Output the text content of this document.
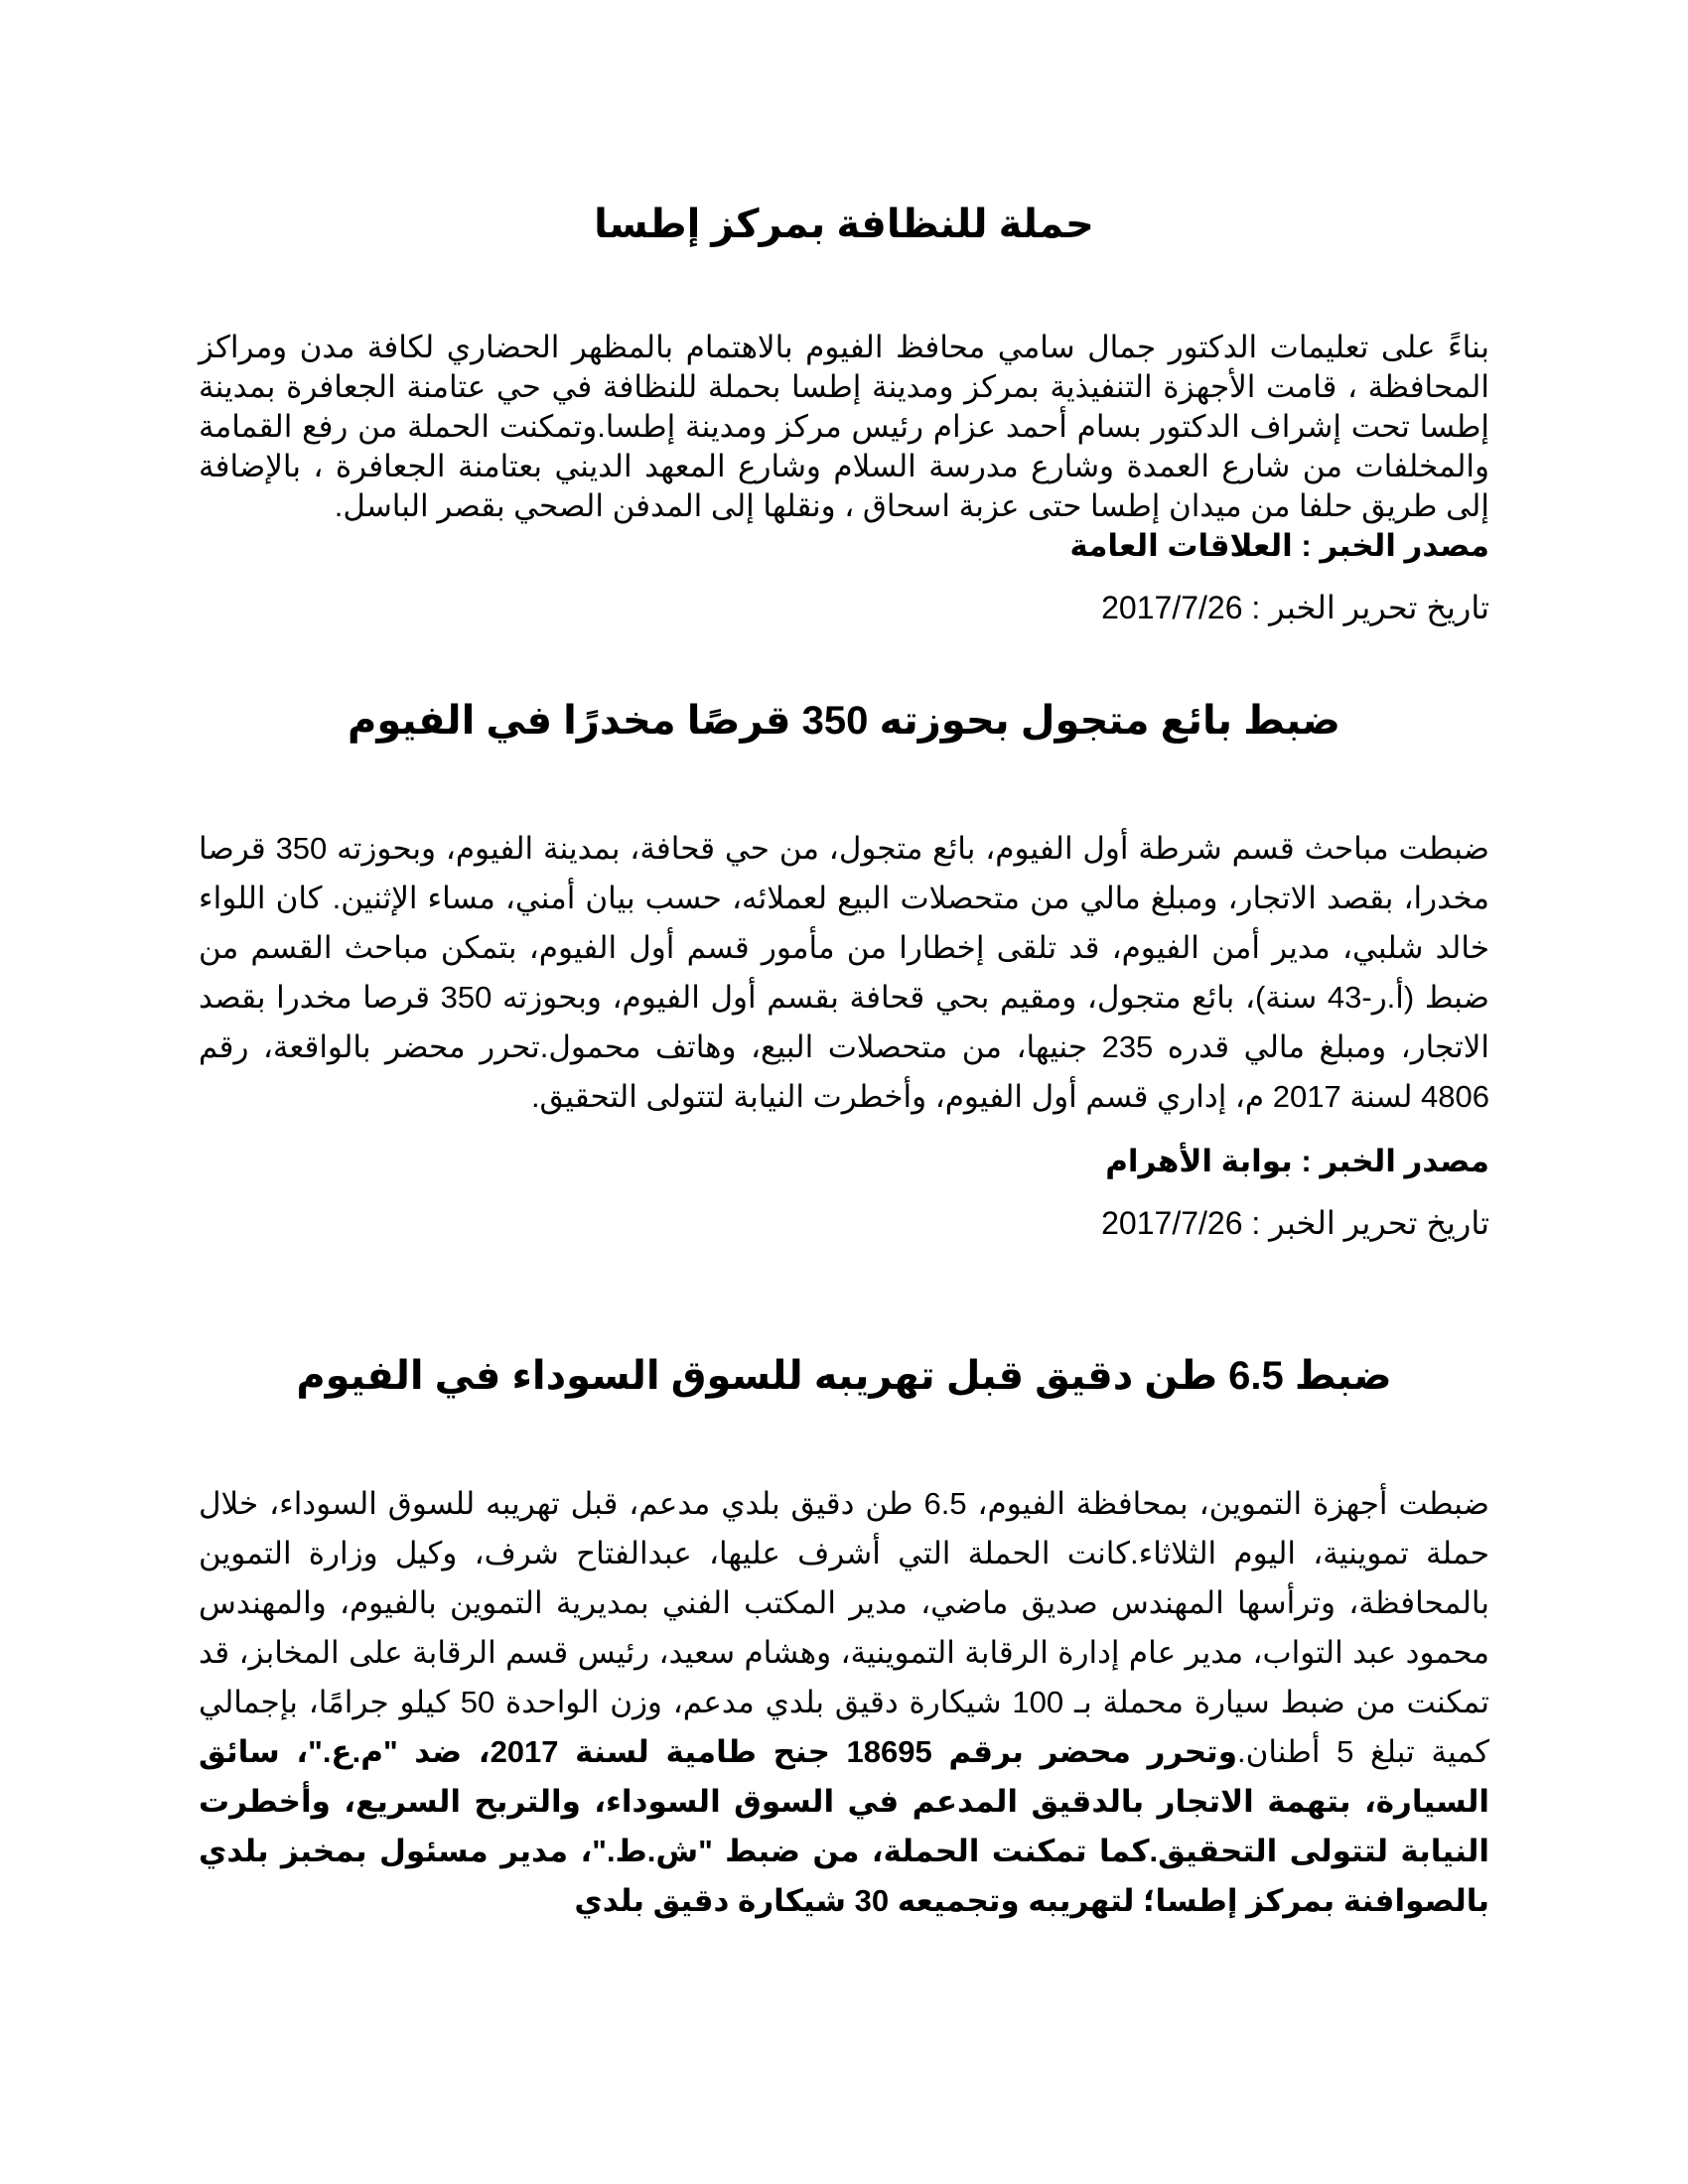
حملة للنظافة بمركز إطسا

بناءً على تعليمات الدكتور جمال سامي محافظ الفيوم بالاهتمام بالمظهر الحضاري لكافة مدن ومراكز المحافظة ، قامت الأجهزة التنفيذية بمركز ومدينة إطسا بحملة للنظافة في حي عتامنة الجعافرة بمدينة إطسا تحت إشراف الدكتور بسام أحمد عزام رئيس مركز ومدينة إطسا.وتمكنت الحملة من رفع القمامة والمخلفات من شارع العمدة وشارع مدرسة السلام وشارع المعهد الديني بعتامنة الجعافرة ، بالإضافة إلى طريق حلفا من ميدان إطسا حتى عزبة اسحاق ، ونقلها إلى المدفن الصحي بقصر الباسل.

مصدر الخبر : العلاقات العامة

تاريخ تحرير الخبر : 2017/7/26

ضبط بائع متجول بحوزته 350 قرصًا مخدرًا في الفيوم

ضبطت مباحث قسم شرطة أول الفيوم، بائع متجول، من حي قحافة، بمدينة الفيوم، وبحوزته 350 قرصا مخدرا، بقصد الاتجار، ومبلغ مالي من متحصلات البيع لعملائه، حسب بيان أمني، مساء الإثنين. كان اللواء خالد شلبي، مدير أمن الفيوم، قد تلقى إخطارا من مأمور قسم أول الفيوم، بتمكن مباحث القسم من ضبط (أ.ر-43 سنة)، بائع متجول، ومقيم بحي قحافة بقسم أول الفيوم، وبحوزته 350 قرصا مخدرا بقصد الاتجار، ومبلغ مالي قدره 235 جنيها، من متحصلات البيع، وهاتف محمول.تحرر محضر بالواقعة، رقم 4806 لسنة 2017 م، إداري قسم أول الفيوم، وأخطرت النيابة لتتولى التحقيق.

مصدر الخبر : بوابة الأهرام

تاريخ تحرير الخبر : 2017/7/26

ضبط 6.5 طن دقيق قبل تهريبه للسوق السوداء في الفيوم

ضبطت أجهزة التموين، بمحافظة الفيوم، 6.5 طن دقيق بلدي مدعم، قبل تهريبه للسوق السوداء، خلال حملة تموينية، اليوم الثلاثاء.كانت الحملة التي أشرف عليها، عبدالفتاح شرف، وكيل وزارة التموين بالمحافظة، وترأسها المهندس صديق ماضي، مدير المكتب الفني بمديرية التموين بالفيوم، والمهندس محمود عبد التواب، مدير عام إدارة الرقابة التموينية، وهشام سعيد، رئيس قسم الرقابة على المخابز، قد تمكنت من ضبط سيارة محملة بـ 100 شيكارة دقيق بلدي مدعم، وزن الواحدة 50 كيلو جرامًا، بإجمالي كمية تبلغ 5 أطنان.وتحرر محضر برقم 18695 جنح طامية لسنة 2017، ضد "م.ع."، سائق السيارة، بتهمة الاتجار بالدقيق المدعم في السوق السوداء، والتربح السريع، وأخطرت النيابة لتتولى التحقيق.كما تمكنت الحملة، من ضبط "ش.ط."، مدير مسئول بمخبز بلدي بالصوافنة بمركز إطسا؛ لتهريبه وتجميعه 30 شيكارة دقيق بلدي
